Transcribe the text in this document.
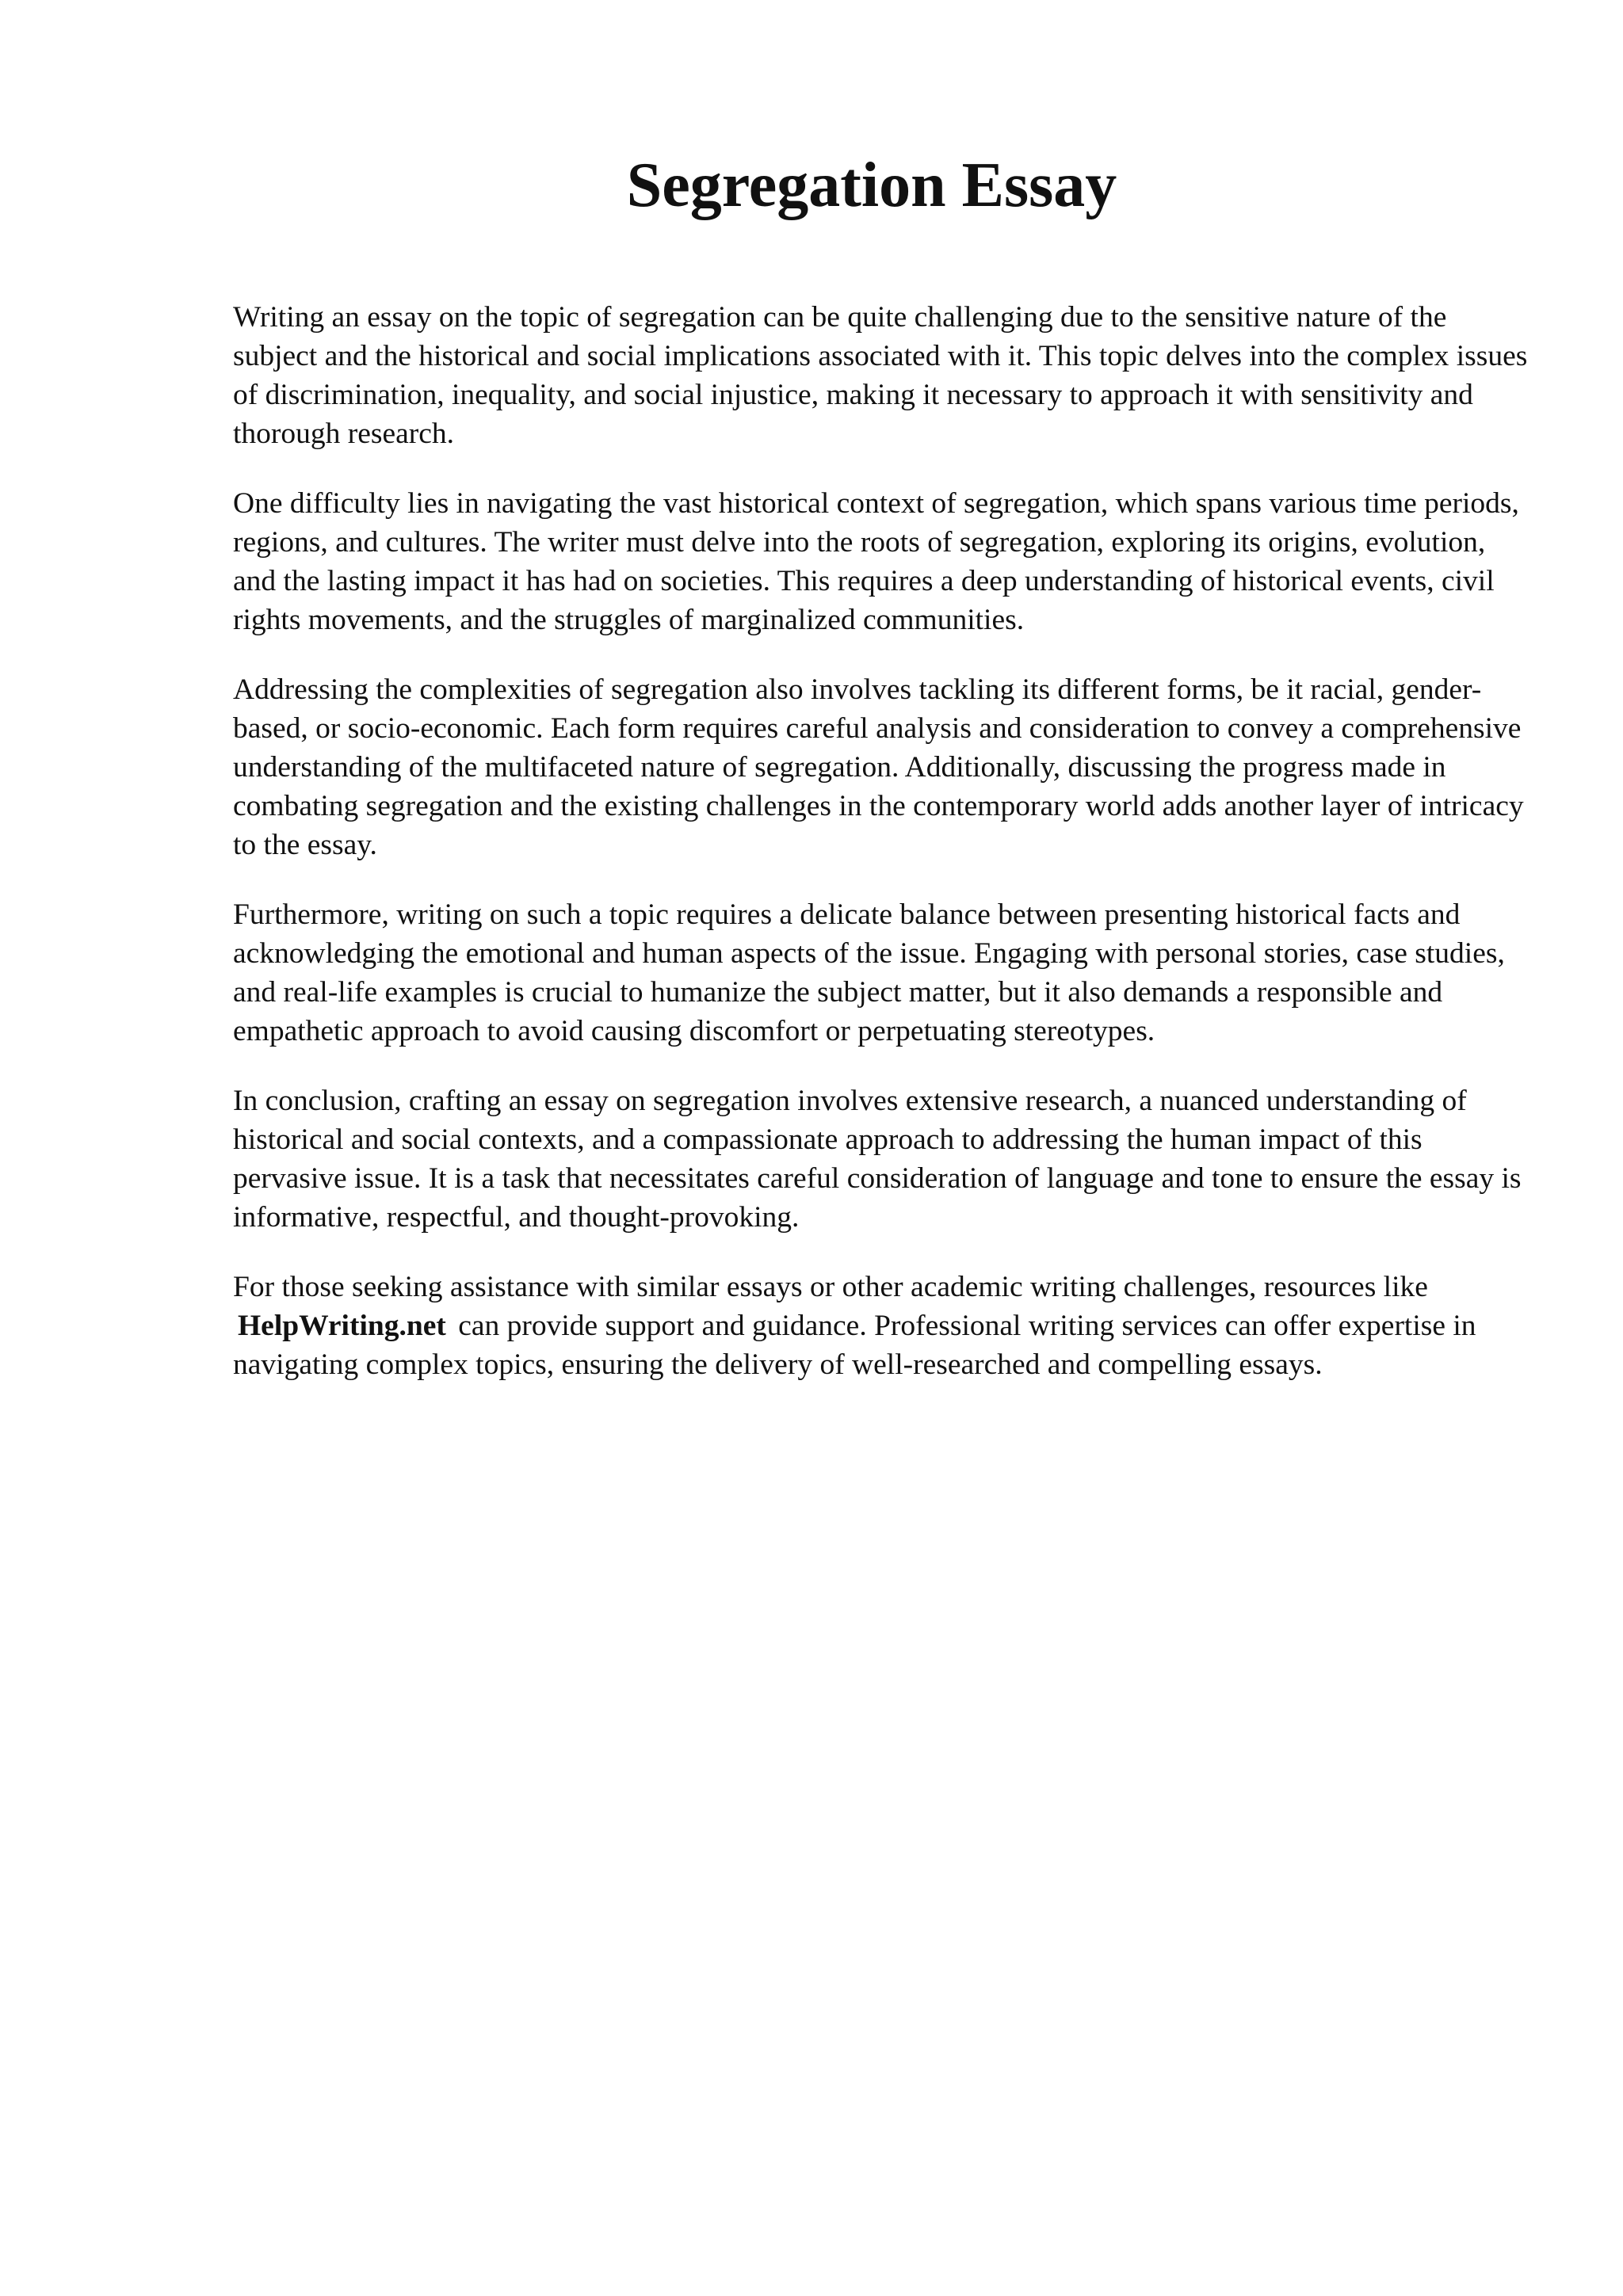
Segregation Essay

Writing an essay on the topic of segregation can be quite challenging due to the sensitive nature of the subject and the historical and social implications associated with it. This topic delves into the complex issues of discrimination, inequality, and social injustice, making it necessary to approach it with sensitivity and thorough research.

One difficulty lies in navigating the vast historical context of segregation, which spans various time periods, regions, and cultures. The writer must delve into the roots of segregation, exploring its origins, evolution, and the lasting impact it has had on societies. This requires a deep understanding of historical events, civil rights movements, and the struggles of marginalized communities.

Addressing the complexities of segregation also involves tackling its different forms, be it racial, gender-based, or socio-economic. Each form requires careful analysis and consideration to convey a comprehensive understanding of the multifaceted nature of segregation. Additionally, discussing the progress made in combating segregation and the existing challenges in the contemporary world adds another layer of intricacy to the essay.

Furthermore, writing on such a topic requires a delicate balance between presenting historical facts and acknowledging the emotional and human aspects of the issue. Engaging with personal stories, case studies, and real-life examples is crucial to humanize the subject matter, but it also demands a responsible and empathetic approach to avoid causing discomfort or perpetuating stereotypes.

In conclusion, crafting an essay on segregation involves extensive research, a nuanced understanding of historical and social contexts, and a compassionate approach to addressing the human impact of this pervasive issue. It is a task that necessitates careful consideration of language and tone to ensure the essay is informative, respectful, and thought-provoking.

For those seeking assistance with similar essays or other academic writing challenges, resources like HelpWriting.net can provide support and guidance. Professional writing services can offer expertise in navigating complex topics, ensuring the delivery of well-researched and compelling essays.
